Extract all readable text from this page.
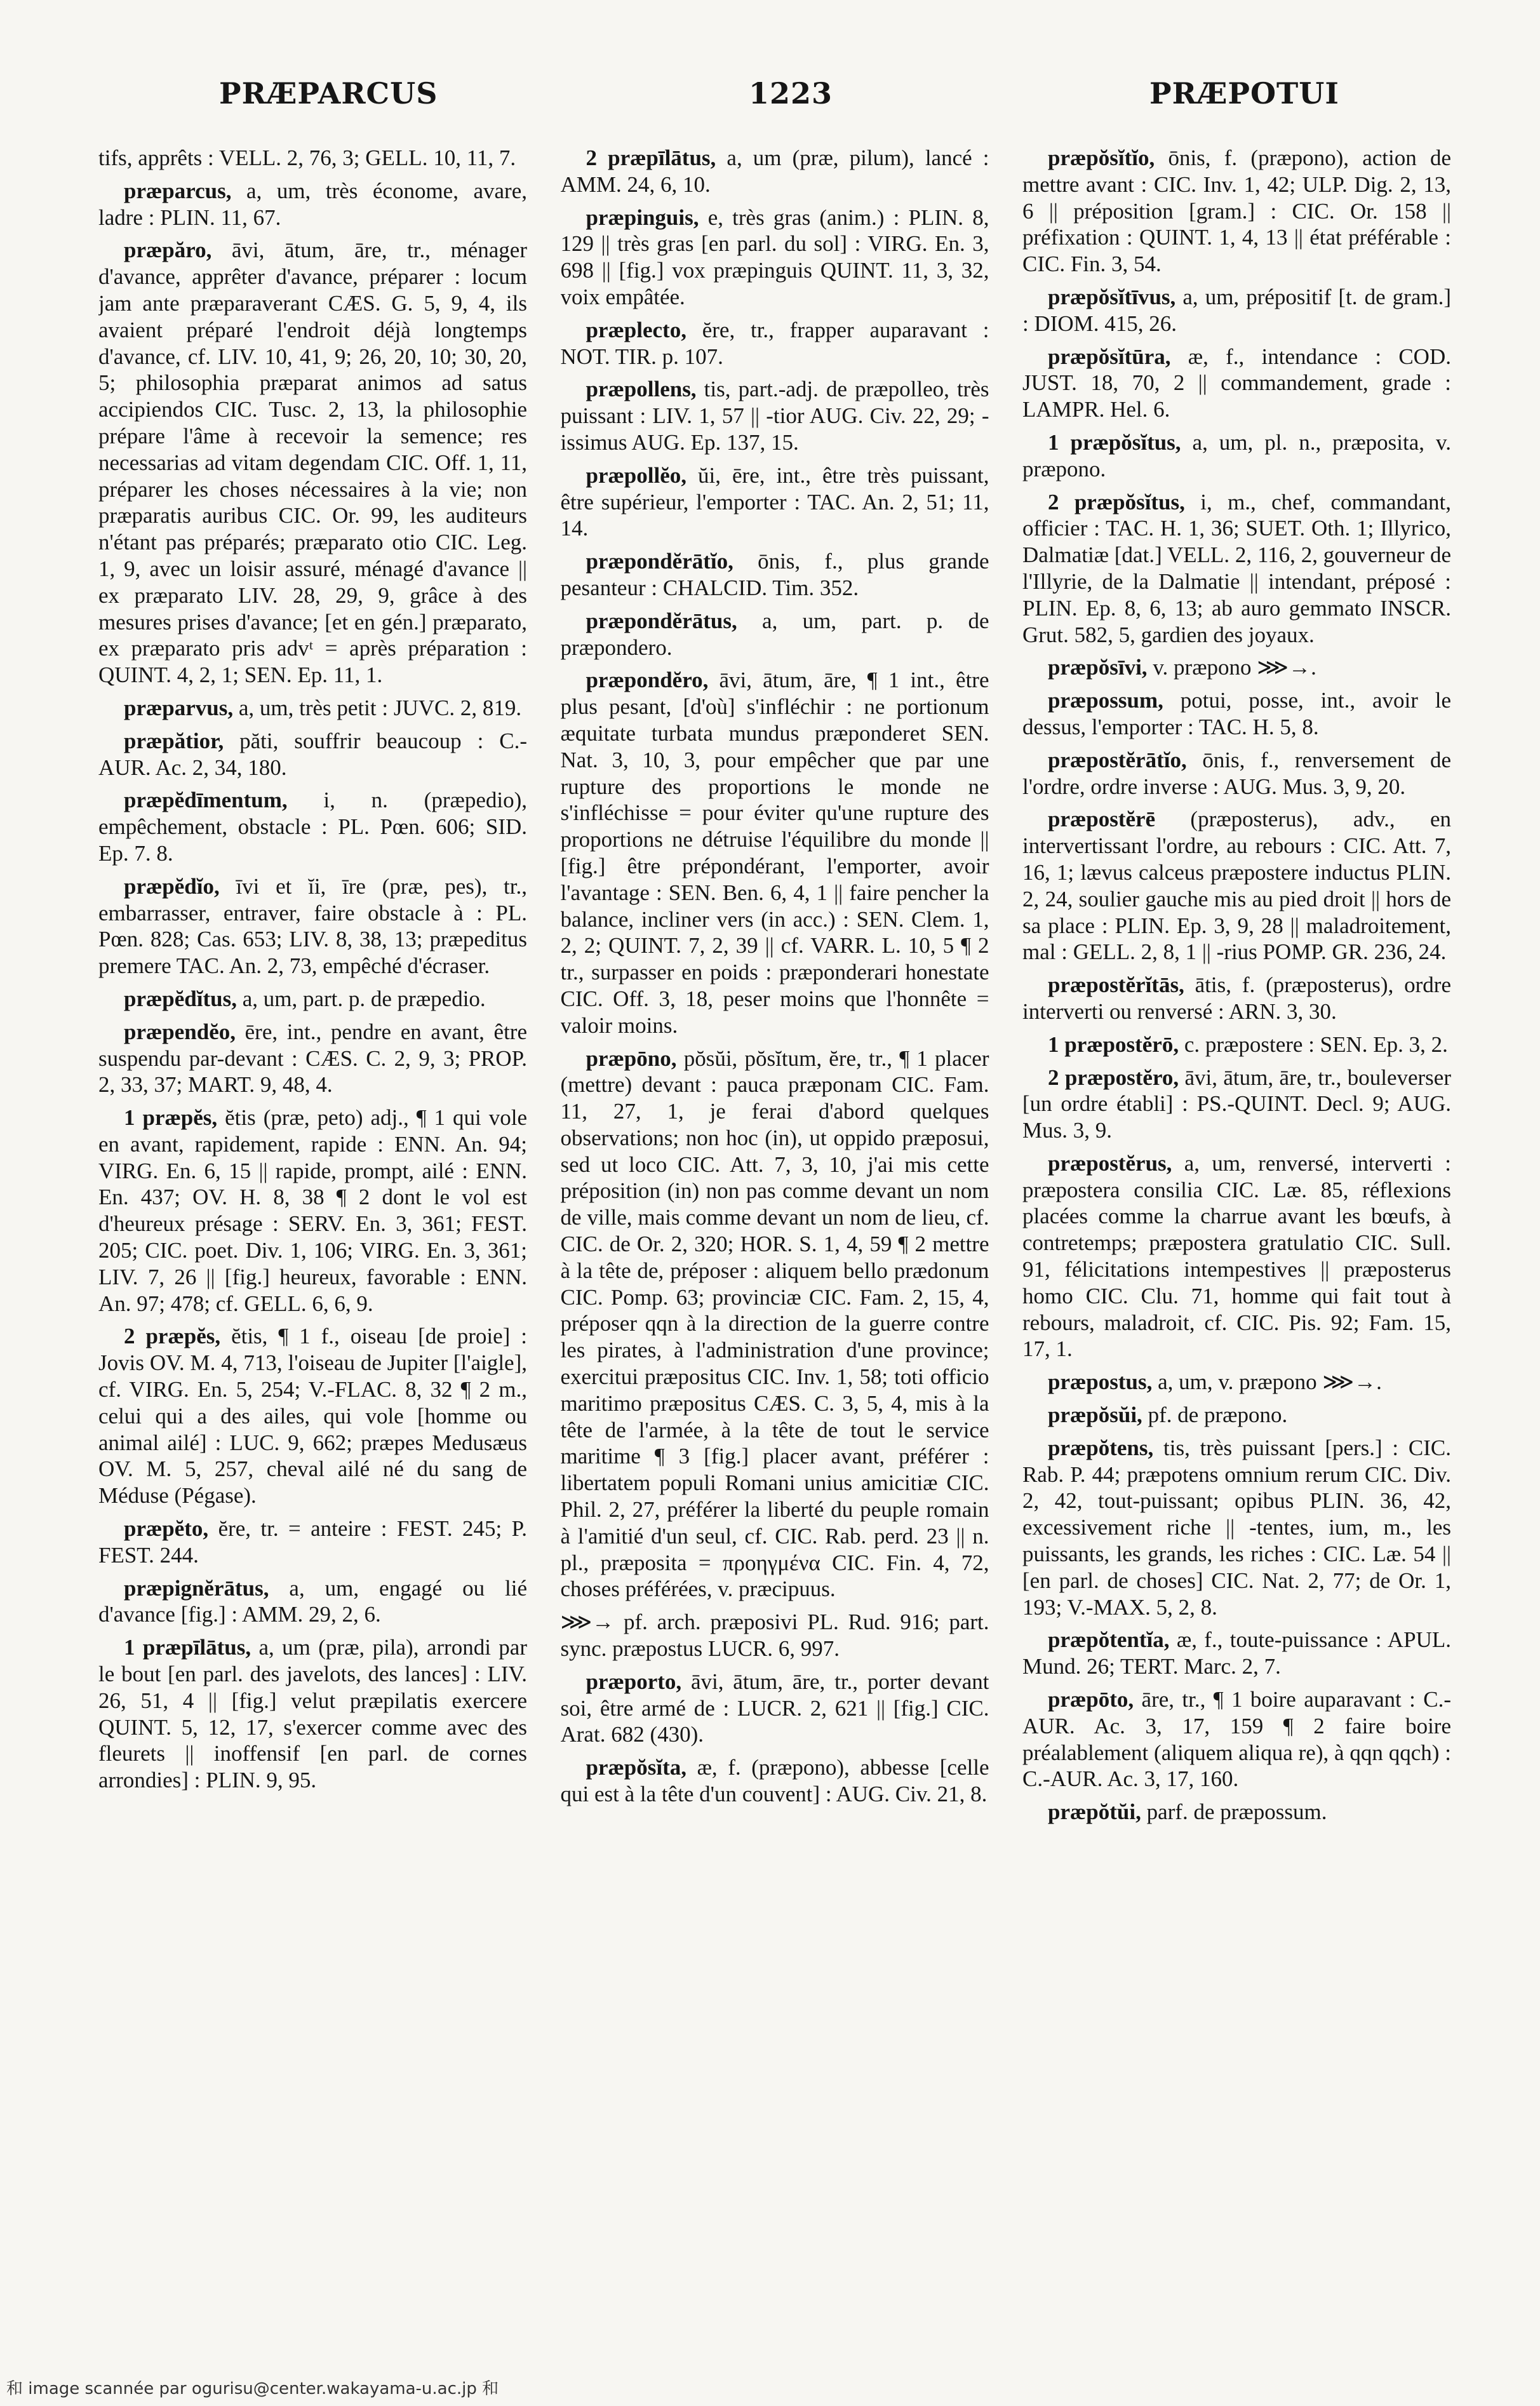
PRÆPARCUS	1223	PRÆPOTUI

tifs, apprêts : VELL. 2, 76, 3; GELL. 10, 11, 7.

præparcus, a, um, très économe, avare, ladre : PLIN. 11, 67.

præpăro, āvi, ātum, āre, tr., ménager d'avance, apprêter d'avance, préparer : locum jam ante præparaverant CÆS. G. 5, 9, 4, ils avaient préparé l'endroit déjà longtemps d'avance, cf. LIV. 10, 41, 9; 26, 20, 10; 30, 20, 5; philosophia præparat animos ad satus accipiendos CIC. Tusc. 2, 13, la philosophie prépare l'âme à recevoir la semence; res necessarias ad vitam degendam CIC. Off. 1, 11, préparer les choses nécessaires à la vie; non præparatis auribus CIC. Or. 99, les auditeurs n'étant pas préparés; præparato otio CIC. Leg. 1, 9, avec un loisir assuré, ménagé d'avance || ex præparato LIV. 28, 29, 9, grâce à des mesures prises d'avance; [et en gén.] præparato, ex præparato pris advᵗ = après préparation : QUINT. 4, 2, 1; SEN. Ep. 11, 1.

præparvus, a, um, très petit : JUVC. 2, 819.

præpătior, păti, souffrir beaucoup : C.-AUR. Ac. 2, 34, 180.

præpĕdīmentum, i, n. (præpedio), empêchement, obstacle : PL. Pœn. 606; SID. Ep. 7. 8.

præpĕdĭo, īvi et ĭi, īre (præ, pes), tr., embarrasser, entraver, faire obstacle à : PL. Pœn. 828; Cas. 653; LIV. 8, 38, 13; præpeditus premere TAC. An. 2, 73, empêché d'écraser.

præpĕdĭtus, a, um, part. p. de præpedio.

præpendĕo, ēre, int., pendre en avant, être suspendu par-devant : CÆS. C. 2, 9, 3; PROP. 2, 33, 37; MART. 9, 48, 4.

1 præpĕs, ĕtis (præ, peto) adj., ¶ 1 qui vole en avant, rapidement, rapide : ENN. An. 94; VIRG. En. 6, 15 || rapide, prompt, ailé : ENN. En. 437; OV. H. 8, 38 ¶ 2 dont le vol est d'heureux présage : SERV. En. 3, 361; FEST. 205; CIC. poet. Div. 1, 106; VIRG. En. 3, 361; LIV. 7, 26 || [fig.] heureux, favorable : ENN. An. 97; 478; cf. GELL. 6, 6, 9.

2 præpĕs, ĕtis, ¶ 1 f., oiseau [de proie] : Jovis OV. M. 4, 713, l'oiseau de Jupiter [l'aigle], cf. VIRG. En. 5, 254; V.-FLAC. 8, 32 ¶ 2 m., celui qui a des ailes, qui vole [homme ou animal ailé] : LUC. 9, 662; præpes Medusæus OV. M. 5, 257, cheval ailé né du sang de Méduse (Pégase).

præpĕto, ĕre, tr. = anteire : FEST. 245; P. FEST. 244.

præpignĕrātus, a, um, engagé ou lié d'avance [fig.] : AMM. 29, 2, 6.

1 præpīlātus, a, um (præ, pila), arrondi par le bout [en parl. des javelots, des lances] : LIV. 26, 51, 4 || [fig.] velut præpilatis exercere QUINT. 5, 12, 17, s'exercer comme avec des fleurets || inoffensif [en parl. de cornes arrondies] : PLIN. 9, 95.

2 præpīlātus, a, um (præ, pilum), lancé : AMM. 24, 6, 10.

præpinguis, e, très gras (anim.) : PLIN. 8, 129 || très gras [en parl. du sol] : VIRG. En. 3, 698 || [fig.] vox præpinguis QUINT. 11, 3, 32, voix empâtée.

præplecto, ĕre, tr., frapper auparavant : NOT. TIR. p. 107.

præpollens, tis, part.-adj. de præpolleo, très puissant : LIV. 1, 57 || -tior AUG. Civ. 22, 29; -issimus AUG. Ep. 137, 15.

præpollĕo, ŭi, ēre, int., être très puissant, être supérieur, l'emporter : TAC. An. 2, 51; 11, 14.

præpondĕrātĭo, ōnis, f., plus grande pesanteur : CHALCID. Tim. 352.

præpondĕrātus, a, um, part. p. de præpondero.

præpondĕro, āvi, ātum, āre, ¶ 1 int., être plus pesant, [d'où] s'infléchir : ne portionum æquitate turbata mundus præponderet SEN. Nat. 3, 10, 3, pour empêcher que par une rupture des proportions le monde ne s'infléchisse = pour éviter qu'une rupture des proportions ne détruise l'équilibre du monde || [fig.] être prépondérant, l'emporter, avoir l'avantage : SEN. Ben. 6, 4, 1 || faire pencher la balance, incliner vers (in acc.) : SEN. Clem. 1, 2, 2; QUINT. 7, 2, 39 || cf. VARR. L. 10, 5 ¶ 2 tr., surpasser en poids : præponderari honestate CIC. Off. 3, 18, peser moins que l'honnête = valoir moins.

præpōno, pŏsŭi, pŏsĭtum, ĕre, tr., ¶ 1 placer (mettre) devant : pauca præponam CIC. Fam. 11, 27, 1, je ferai d'abord quelques observations; non hoc (in), ut oppido præposui, sed ut loco CIC. Att. 7, 3, 10, j'ai mis cette préposition (in) non pas comme devant un nom de ville, mais comme devant un nom de lieu, cf. CIC. de Or. 2, 320; HOR. S. 1, 4, 59 ¶ 2 mettre à la tête de, préposer : aliquem bello prædonum CIC. Pomp. 63; provinciæ CIC. Fam. 2, 15, 4, préposer qqn à la direction de la guerre contre les pirates, à l'administration d'une province; exercitui præpositus CIC. Inv. 1, 58; toti officio maritimo præpositus CÆS. C. 3, 5, 4, mis à la tête de l'armée, à la tête de tout le service maritime ¶ 3 [fig.] placer avant, préférer : libertatem populi Romani unius amicitiæ CIC. Phil. 2, 27, préférer la liberté du peuple romain à l'amitié d'un seul, cf. CIC. Rab. perd. 23 || n. pl., præposita = προηγμένα CIC. Fin. 4, 72, choses préférées, v. præcipuus.

⋙→ pf. arch. præposivi PL. Rud. 916; part. sync. præpostus LUCR. 6, 997.

præporto, āvi, ātum, āre, tr., porter devant soi, être armé de : LUCR. 2, 621 || [fig.] CIC. Arat. 682 (430).

præpŏsĭta, æ, f. (præpono), abbesse [celle qui est à la tête d'un couvent] : AUG. Civ. 21, 8.

præpŏsĭtĭo, ōnis, f. (præpono), action de mettre avant : CIC. Inv. 1, 42; ULP. Dig. 2, 13, 6 || préposition [gram.] : CIC. Or. 158 || préfixation : QUINT. 1, 4, 13 || état préférable : CIC. Fin. 3, 54.

præpŏsĭtīvus, a, um, prépositif [t. de gram.] : DIOM. 415, 26.

præpŏsĭtūra, æ, f., intendance : COD. JUST. 18, 70, 2 || commandement, grade : LAMPR. Hel. 6.

1 præpŏsĭtus, a, um, pl. n., præposita, v. præpono.

2 præpŏsĭtus, i, m., chef, commandant, officier : TAC. H. 1, 36; SUET. Oth. 1; Illyrico, Dalmatiæ [dat.] VELL. 2, 116, 2, gouverneur de l'Illyrie, de la Dalmatie || intendant, préposé : PLIN. Ep. 8, 6, 13; ab auro gemmato INSCR. Grut. 582, 5, gardien des joyaux.

præpŏsīvi, v. præpono ⋙→.

præpossum, potui, posse, int., avoir le dessus, l'emporter : TAC. H. 5, 8.

præpostĕrātĭo, ōnis, f., renversement de l'ordre, ordre inverse : AUG. Mus. 3, 9, 20.

præpostĕrē (præposterus), adv., en intervertissant l'ordre, au rebours : CIC. Att. 7, 16, 1; lævus calceus præpostere inductus PLIN. 2, 24, soulier gauche mis au pied droit || hors de sa place : PLIN. Ep. 3, 9, 28 || maladroitement, mal : GELL. 2, 8, 1 || -rius POMP. GR. 236, 24.

præpostĕrĭtās, ātis, f. (præposterus), ordre interverti ou renversé : ARN. 3, 30.

1 præpostĕrō, c. præpostere : SEN. Ep. 3, 2.

2 præpostĕro, āvi, ātum, āre, tr., bouleverser [un ordre établi] : PS.-QUINT. Decl. 9; AUG. Mus. 3, 9.

præpostĕrus, a, um, renversé, interverti : præpostera consilia CIC. Læ. 85, réflexions placées comme la charrue avant les bœufs, à contretemps; præpostera gratulatio CIC. Sull. 91, félicitations intempestives || præposterus homo CIC. Clu. 71, homme qui fait tout à rebours, maladroit, cf. CIC. Pis. 92; Fam. 15, 17, 1.

præpostus, a, um, v. præpono ⋙→.

præpŏsŭi, pf. de præpono.

præpŏtens, tis, très puissant [pers.] : CIC. Rab. P. 44; præpotens omnium rerum CIC. Div. 2, 42, tout-puissant; opibus PLIN. 36, 42, excessivement riche || -tentes, ium, m., les puissants, les grands, les riches : CIC. Læ. 54 || [en parl. de choses] CIC. Nat. 2, 77; de Or. 1, 193; V.-MAX. 5, 2, 8.

præpŏtentĭa, æ, f., toute-puissance : APUL. Mund. 26; TERT. Marc. 2, 7.

præpōto, āre, tr., ¶ 1 boire auparavant : C.-AUR. Ac. 3, 17, 159 ¶ 2 faire boire préalablement (aliquem aliqua re), à qqn qqch) : C.-AUR. Ac. 3, 17, 160.

præpŏtŭi, parf. de præpossum.

和 image scannée par ogurisu@center.wakayama-u.ac.jp 和
